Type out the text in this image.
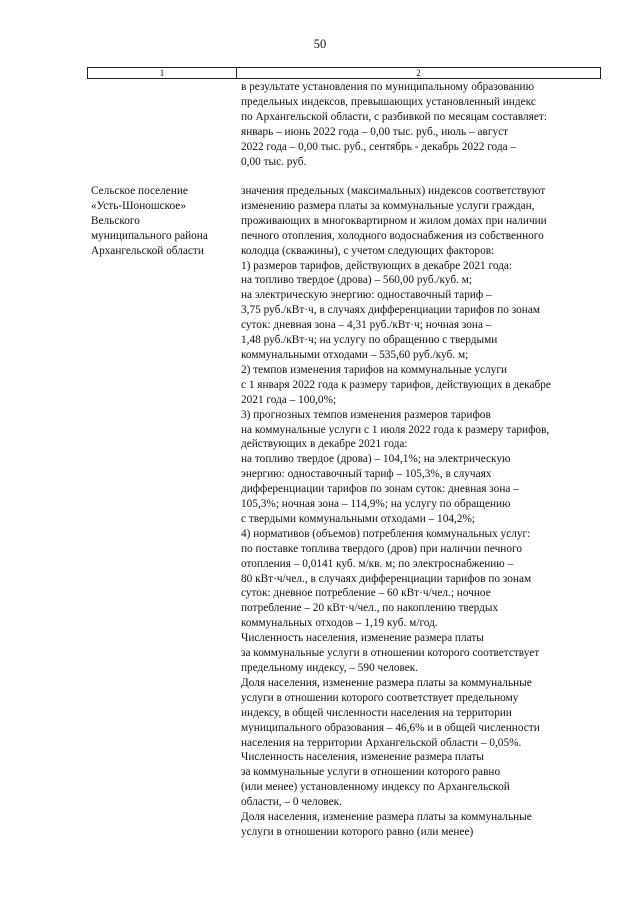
50
1	2
в результате установления по муниципальному образованию
предельных индексов, превышающих установленный индекс
по Архангельской области, с разбивкой по месяцам составляет:
январь – июнь 2022 года – 0,00 тыс. руб., июль – август
2022 года – 0,00 тыс. руб., сентябрь - декабрь 2022 года –
0,00 тыс. руб.
Сельское поселение
«Усть-Шоношское»
Вельского
муниципального района
Архангельской области
значения предельных (максимальных) индексов соответствуют
изменению размера платы за коммунальные услуги граждан,
проживающих в многоквартирном и жилом домах при наличии
печного отопления, холодного водоснабжения из собственного
колодца (скважины), с учетом следующих факторов:
1) размеров тарифов, действующих в декабре 2021 года:
на топливо твердое (дрова) – 560,00 руб./куб. м;
на электрическую энергию: одноставочный тариф –
3,75 руб./кВт·ч, в случаях дифференциации тарифов по зонам
суток: дневная зона – 4,31 руб./кВт·ч; ночная зона –
1,48 руб./кВт·ч; на услугу по обращению с твердыми
коммунальными отходами – 535,60 руб./куб. м;
2) темпов изменения тарифов на коммунальные услуги
с 1 января 2022 года к размеру тарифов, действующих в декабре
2021 года – 100,0%;
3) прогнозных темпов изменения размеров тарифов
на коммунальные услуги с 1 июля 2022 года к размеру тарифов,
действующих в декабре 2021 года:
на топливо твердое (дрова) – 104,1%; на электрическую
энергию: одноставочный тариф – 105,3%, в случаях
дифференциации тарифов по зонам суток: дневная зона –
105,3%; ночная зона – 114,9%; на услугу по обращению
с твердыми коммунальными отходами – 104,2%;
4) нормативов (объемов) потребления коммунальных услуг:
по поставке топлива твердого (дров) при наличии печного
отопления – 0,0141 куб. м/кв. м; по электроснабжению –
80 кВт·ч/чел., в случаях дифференциации тарифов по зонам
суток: дневное потребление – 60 кВт·ч/чел.; ночное
потребление – 20 кВт·ч/чел., по накоплению твердых
коммунальных отходов – 1,19 куб. м/год.
Численность населения, изменение размера платы
за коммунальные услуги в отношении которого соответствует
предельному индексу, – 590 человек.
Доля населения, изменение размера платы за коммунальные
услуги в отношении которого соответствует предельному
индексу, в общей численности населения на территории
муниципального образования – 46,6% и в общей численности
населения на территории Архангельской области – 0,05%.
Численность населения, изменение размера платы
за коммунальные услуги в отношении которого равно
(или менее) установленному индексу по Архангельской
области, – 0 человек.
Доля населения, изменение размера платы за коммунальные
услуги в отношении которого равно (или менее)
